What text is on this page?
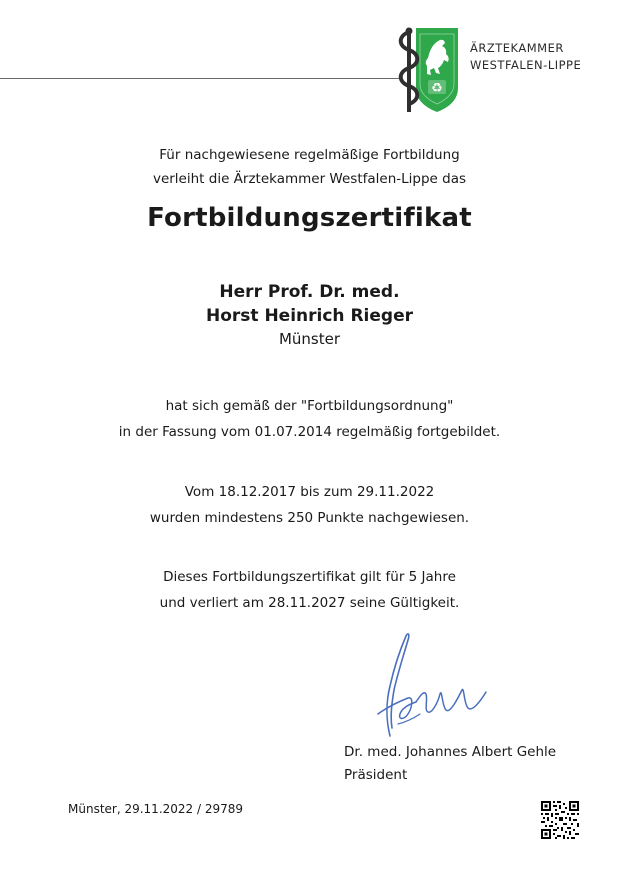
♻
ÄRZTEKAMMER
WESTFALEN-LIPPE
Für nachgewiesene regelmäßige Fortbildung
verleiht die Ärztekammer Westfalen-Lippe das
Fortbildungszertifikat
Herr Prof. Dr. med.
Horst Heinrich Rieger
Münster
hat sich gemäß der "Fortbildungsordnung"
in der Fassung vom 01.07.2014 regelmäßig fortgebildet.
Vom 18.12.2017 bis zum 29.11.2022
wurden mindestens 250 Punkte nachgewiesen.
Dieses Fortbildungszertifikat gilt für 5 Jahre
und verliert am 28.11.2027 seine Gültigkeit.
Dr. med. Johannes Albert Gehle
Präsident
Münster, 29.11.2022 / 29789
